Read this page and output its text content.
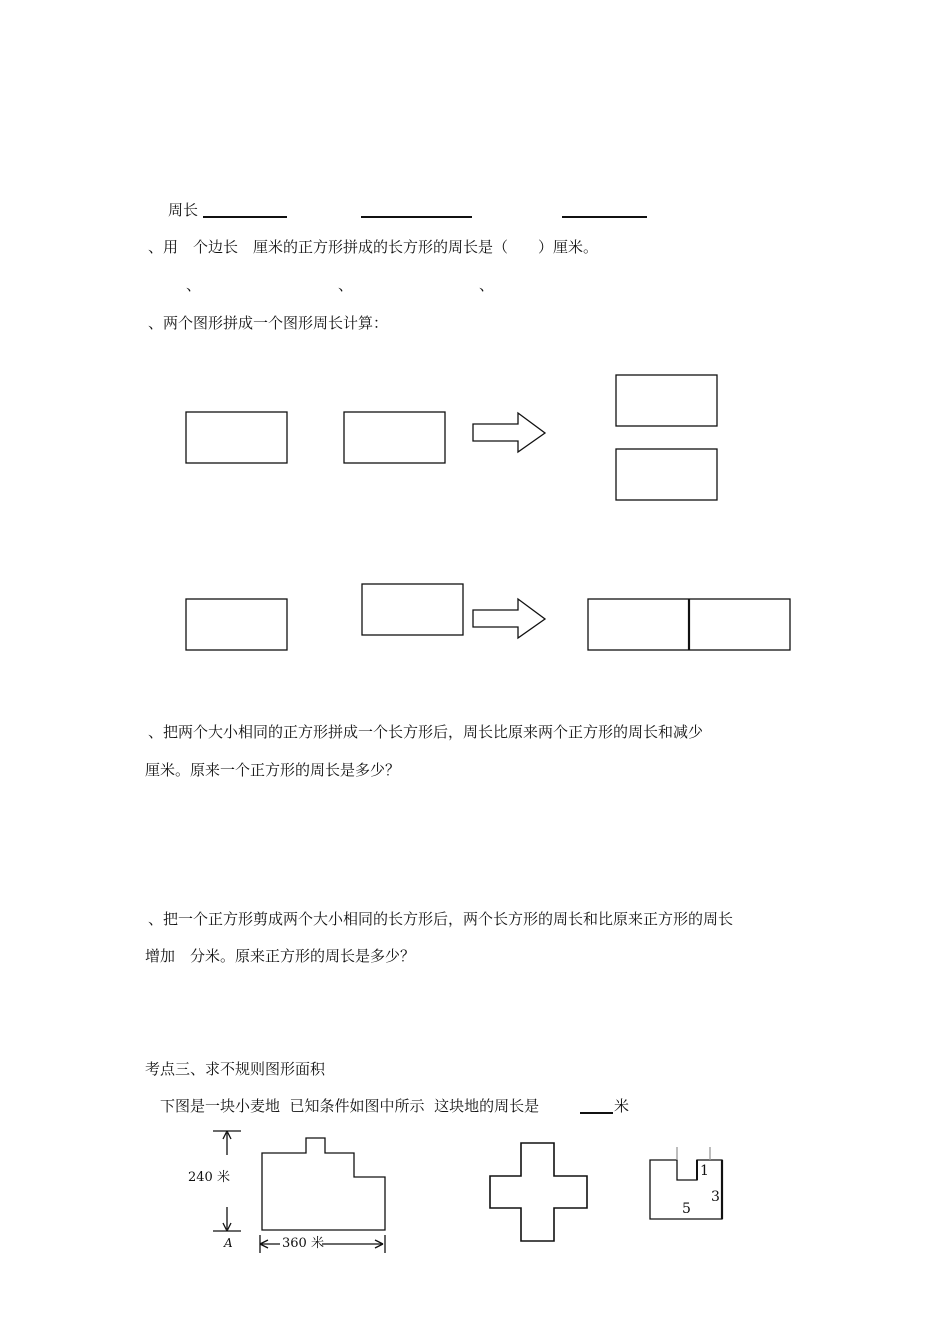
周长
、用　个边长　厘米的正方形拼成的长方形的周长是（　　）厘米。
、	、	、
、两个图形拼成一个图形周长计算：
、把两个大小相同的正方形拼成一个长方形后，周长比原来两个正方形的周长和减少
厘米。原来一个正方形的周长是多少？
、把一个正方形剪成两个大小相同的长方形后，两个长方形的周长和比原来正方形的周长
增加　分米。原来正方形的周长是多少？
考点三、求不规则图形面积
下图是一块小麦地  已知条件如图中所示  这块地的周长是	米
240 米
A	360 米
1
3
5
